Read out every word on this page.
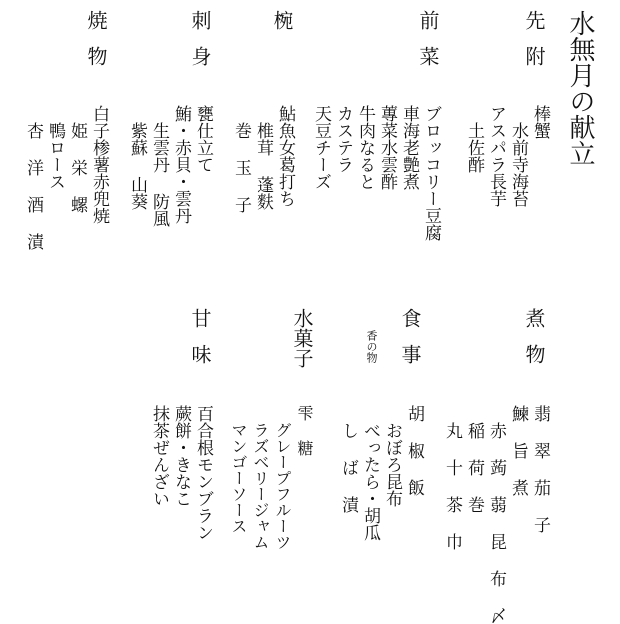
水無月の献立
先附
棒蟹
水前寺海苔
アスパラ長芋
土佐酢
前菜
ブロッコリー豆腐
車海老艶煮
蓴菜水雲酢
牛肉なると
カステラ
天豆チーズ
椀
鮎魚女葛打ち
椎茸 蓬麩
巻 玉 子
刺身
甕仕立て
鮪・赤貝・雲丹
生雲丹 防風
紫蘇 山葵
焼物
白子椮薯赤兜焼
姫 栄 螺
鴨ロース
杏 洋 酒 漬
煮物
翡 翠 茄 子
鰊 旨 煮
赤 蒟 蒻 昆 布 〆
稲 荷 巻
丸 十 茶 巾
食事
香の物
胡 椒 飯
おぼろ昆布
べったら・胡瓜
し ば 漬
水菓子
雫 糖
グレープフルーツ
ラズベリージャム
マンゴーソース
甘味
百合根モンブラン
蕨餅・きなこ
抹茶ぜんざい
